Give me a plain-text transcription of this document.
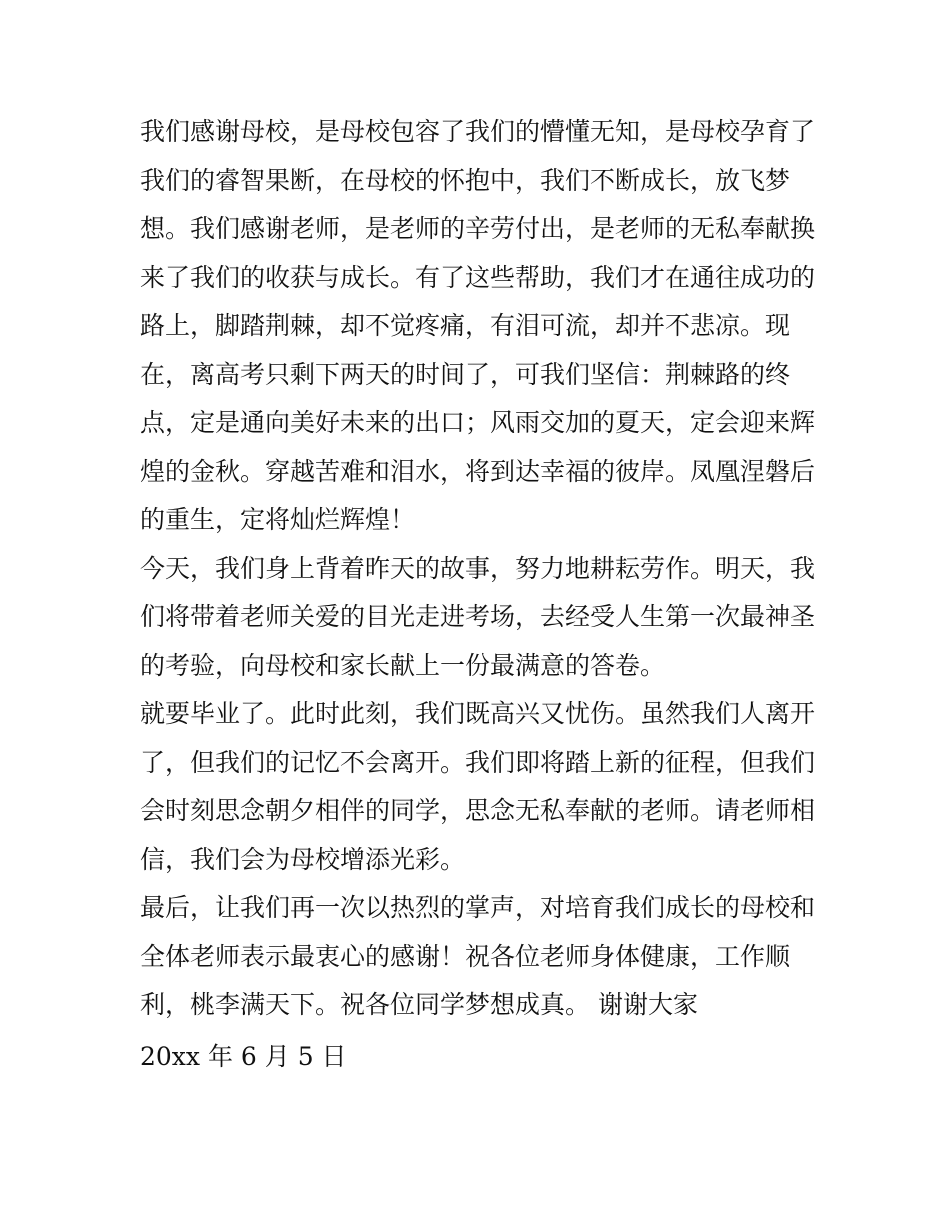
我们感谢母校，是母校包容了我们的懵懂无知，是母校孕育了
我们的睿智果断，在母校的怀抱中，我们不断成长，放飞梦
想。我们感谢老师，是老师的辛劳付出，是老师的无私奉献换
来了我们的收获与成长。有了这些帮助，我们才在通往成功的
路上，脚踏荆棘，却不觉疼痛，有泪可流，却并不悲凉。现
在，离高考只剩下两天的时间了，可我们坚信：荆棘路的终
点，定是通向美好未来的出口；风雨交加的夏天，定会迎来辉
煌的金秋。穿越苦难和泪水，将到达幸福的彼岸。凤凰涅磐后
的重生，定将灿烂辉煌！
今天，我们身上背着昨天的故事，努力地耕耘劳作。明天，我
们将带着老师关爱的目光走进考场，去经受人生第一次最神圣
的考验，向母校和家长献上一份最满意的答卷。
就要毕业了。此时此刻，我们既高兴又忧伤。虽然我们人离开
了，但我们的记忆不会离开。我们即将踏上新的征程，但我们
会时刻思念朝夕相伴的同学，思念无私奉献的老师。请老师相
信，我们会为母校增添光彩。
最后，让我们再一次以热烈的掌声，对培育我们成长的母校和
全体老师表示最衷心的感谢！祝各位老师身体健康，工作顺
利，桃李满天下。祝各位同学梦想成真。 谢谢大家
20xx 年 6 月 5 日
